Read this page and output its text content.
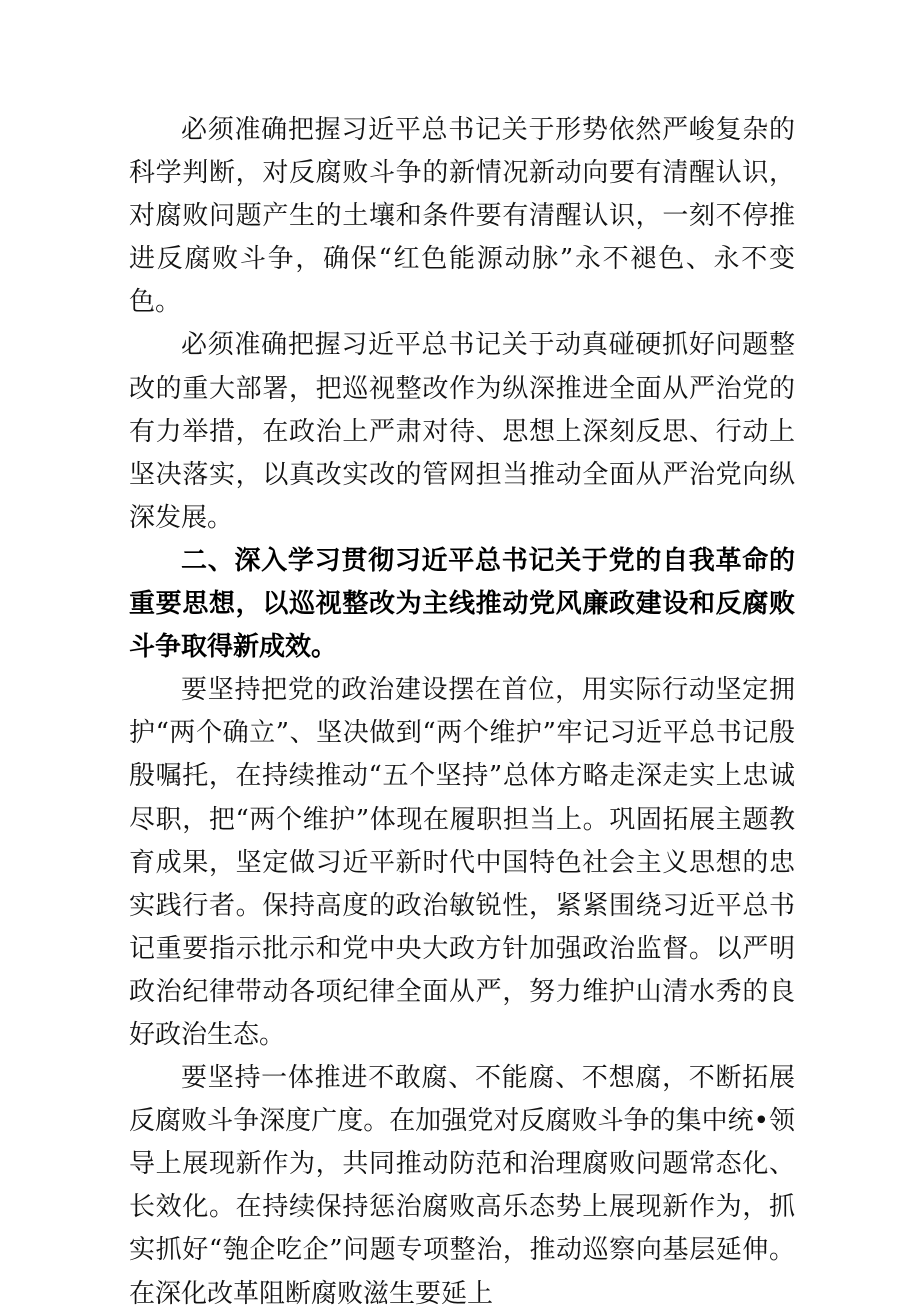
必须准确把握习近平总书记关于形势依然严峻复杂的科学判断，对反腐败斗争的新情况新动向要有清醒认识，对腐败问题产生的土壤和条件要有清醒认识，一刻不停推进反腐败斗争，确保“红色能源动脉”永不褪色、永不变色。

必须准确把握习近平总书记关于动真碰硬抓好问题整改的重大部署，把巡视整改作为纵深推进全面从严治党的有力举措，在政治上严肃对待、思想上深刻反思、行动上坚决落实，以真改实改的管网担当推动全面从严治党向纵深发展。

二、深入学习贯彻习近平总书记关于党的自我革命的重要思想，以巡视整改为主线推动党风廉政建设和反腐败斗争取得新成效。

要坚持把党的政治建设摆在首位，用实际行动坚定拥护“两个确立”、坚决做到“两个维护”牢记习近平总书记殷殷嘱托，在持续推动“五个坚持”总体方略走深走实上忠诚尽职，把“两个维护”体现在履职担当上。巩固拓展主题教育成果，坚定做习近平新时代中国特色社会主义思想的忠实践行者。保持高度的政治敏锐性，紧紧围绕习近平总书记重要指示批示和党中央大政方针加强政治监督。以严明政治纪律带动各项纪律全面从严，努力维护山清水秀的良好政治生态。

要坚持一体推进不敢腐、不能腐、不想腐，不断拓展反腐败斗争深度广度。在加强党对反腐败斗争的集中统•领导上展现新作为，共同推动防范和治理腐败问题常态化、长效化。在持续保持惩治腐败高乐态势上展现新作为，抓实抓好“匏企吃企”问题专项整治，推动巡察向基层延伸。在深化改革阻断腐败滋生要延上
